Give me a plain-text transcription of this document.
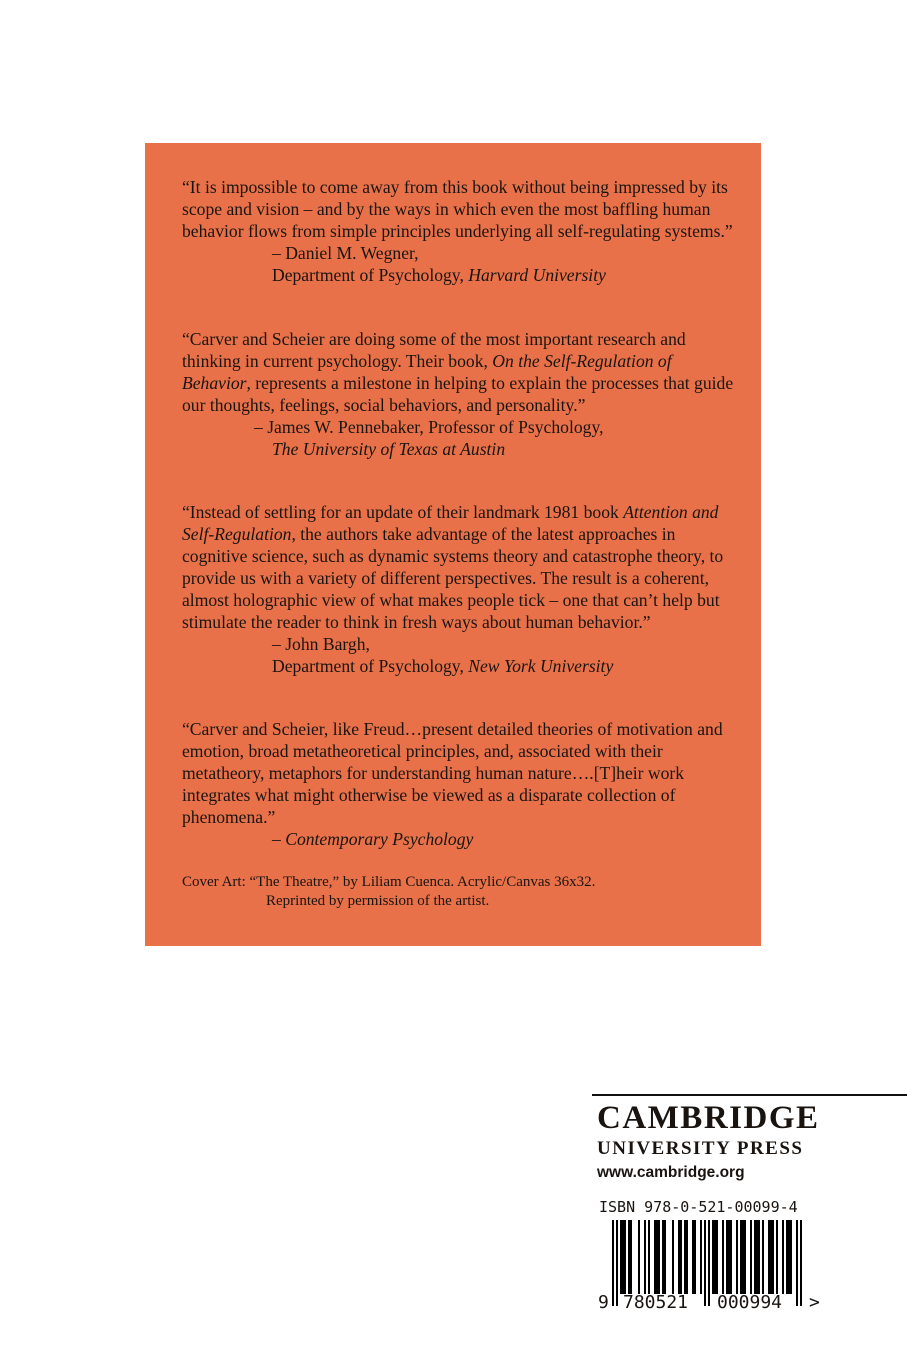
“It is impossible to come away from this book without being impressed by its scope and vision – and by the ways in which even the most baffling human behavior flows from simple principles underlying all self-regulating systems.”

– Daniel M. Wegner,

Department of Psychology, Harvard University

“Carver and Scheier are doing some of the most important research and thinking in current psychology. Their book, On the Self-Regulation of Behavior, represents a milestone in helping to explain the processes that guide our thoughts, feelings, social behaviors, and personality.”

– James W. Pennebaker, Professor of Psychology,

The University of Texas at Austin

“Instead of settling for an update of their landmark 1981 book Attention and Self-Regulation, the authors take advantage of the latest approaches in cognitive science, such as dynamic systems theory and catastrophe theory, to provide us with a variety of different perspectives. The result is a coherent, almost holographic view of what makes people tick – one that can’t help but stimulate the reader to think in fresh ways about human behavior.”

– John Bargh,

Department of Psychology, New York University

“Carver and Scheier, like Freud…present detailed theories of motivation and emotion, broad metatheoretical principles, and, associated with their metatheory, metaphors for understanding human nature….[T]heir work integrates what might otherwise be viewed as a disparate collection of phenomena.”

– Contemporary Psychology

Cover Art: “The Theatre,” by Liliam Cuenca. Acrylic/Canvas 36x32.
Reprinted by permission of the artist.
CAMBRIDGE
UNIVERSITY PRESS
www.cambridge.org
ISBN 978-0-521-00099-4
9 780521 000994 >
